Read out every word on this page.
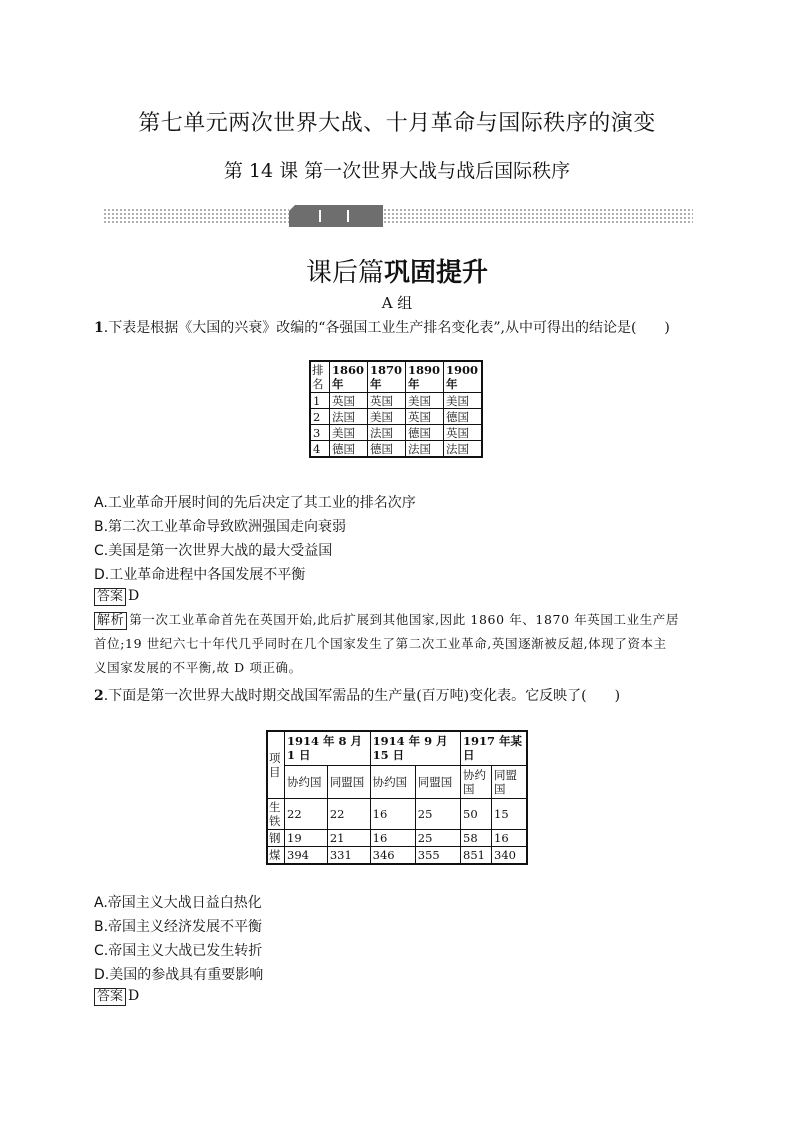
第七单元两次世界大战、十月革命与国际秩序的演变
第 14 课 第一次世界大战与战后国际秩序
课后篇巩固提升
A 组
1.下表是根据《大国的兴衰》改编的“各强国工业生产排名变化表”,从中可得出的结论是(　　)
排名	1860年	1870年	1890年	1900年
1	英国	英国	美国	美国
2	法国	美国	英国	德国
3	美国	法国	德国	英国
4	德国	德国	法国	法国
A.工业革命开展时间的先后决定了其工业的排名次序
B.第二次工业革命导致欧洲强国走向衰弱
C.美国是第一次世界大战的最大受益国
D.工业革命进程中各国发展不平衡
答案 D
解析 第一次工业革命首先在英国开始,此后扩展到其他国家,因此 1860 年、1870 年英国工业生产居
首位;19 世纪六七十年代几乎同时在几个国家发生了第二次工业革命,英国逐渐被反超,体现了资本主
义国家发展的不平衡,故 D 项正确。
2.下面是第一次世界大战时期交战国军需品的生产量(百万吨)变化表。它反映了(　　)
项目	1914 年 8 月 1 日		1914 年 9 月 15 日		1917 年某日	
	协约国	同盟国	协约国	同盟国	协约国	同盟国
生铁	22	22	16	25	50	15
钢	19	21	16	25	58	16
煤	394	331	346	355	851	340
A.帝国主义大战日益白热化
B.帝国主义经济发展不平衡
C.帝国主义大战已发生转折
D.美国的参战具有重要影响
答案 D
